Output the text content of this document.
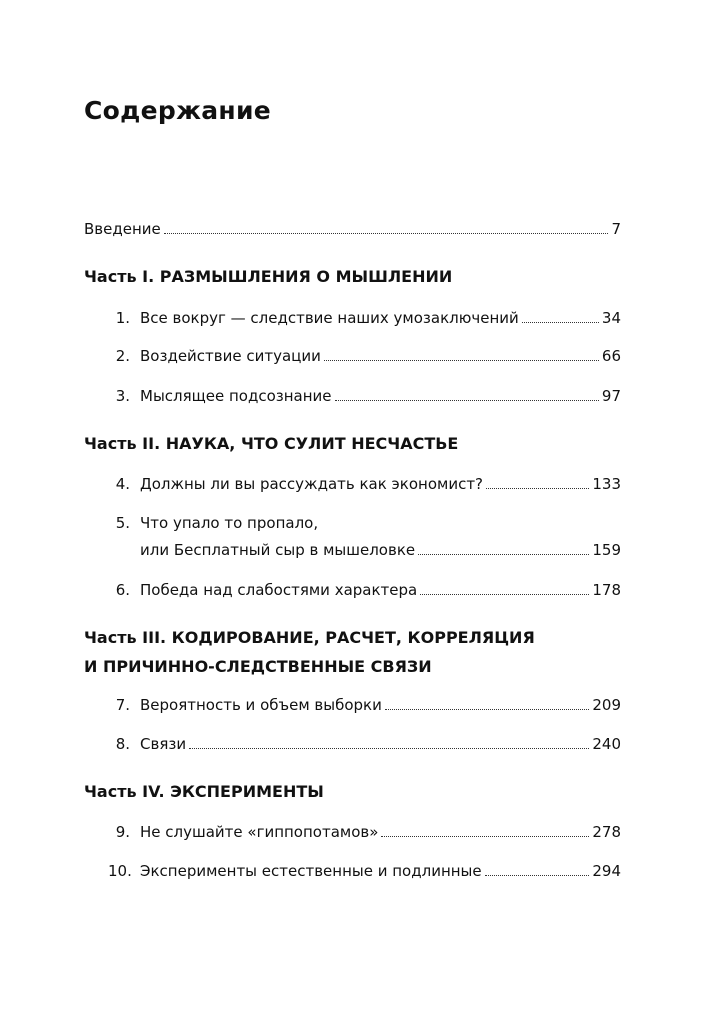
Содержание
Введение	7
Часть I. РАЗМЫШЛЕНИЯ О МЫШЛЕНИИ
1. Все вокруг — следствие наших умозаключений	34
2. Воздействие ситуации	66
3. Мыслящее подсознание	97
Часть II. НАУКА, ЧТО СУЛИТ НЕСЧАСТЬЕ
4. Должны ли вы рассуждать как экономист?	133
5. Что упало то пропало,
или Бесплатный сыр в мышеловке	159
6. Победа над слабостями характера	178
Часть III. КОДИРОВАНИЕ, РАСЧЕТ, КОРРЕЛЯЦИЯ
И ПРИЧИННО-СЛЕДСТВЕННЫЕ СВЯЗИ
7. Вероятность и объем выборки	209
8. Связи	240
Часть IV. ЭКСПЕРИМЕНТЫ
9. Не слушайте «гиппопотамов»	278
10. Эксперименты естественные и подлинные	294
